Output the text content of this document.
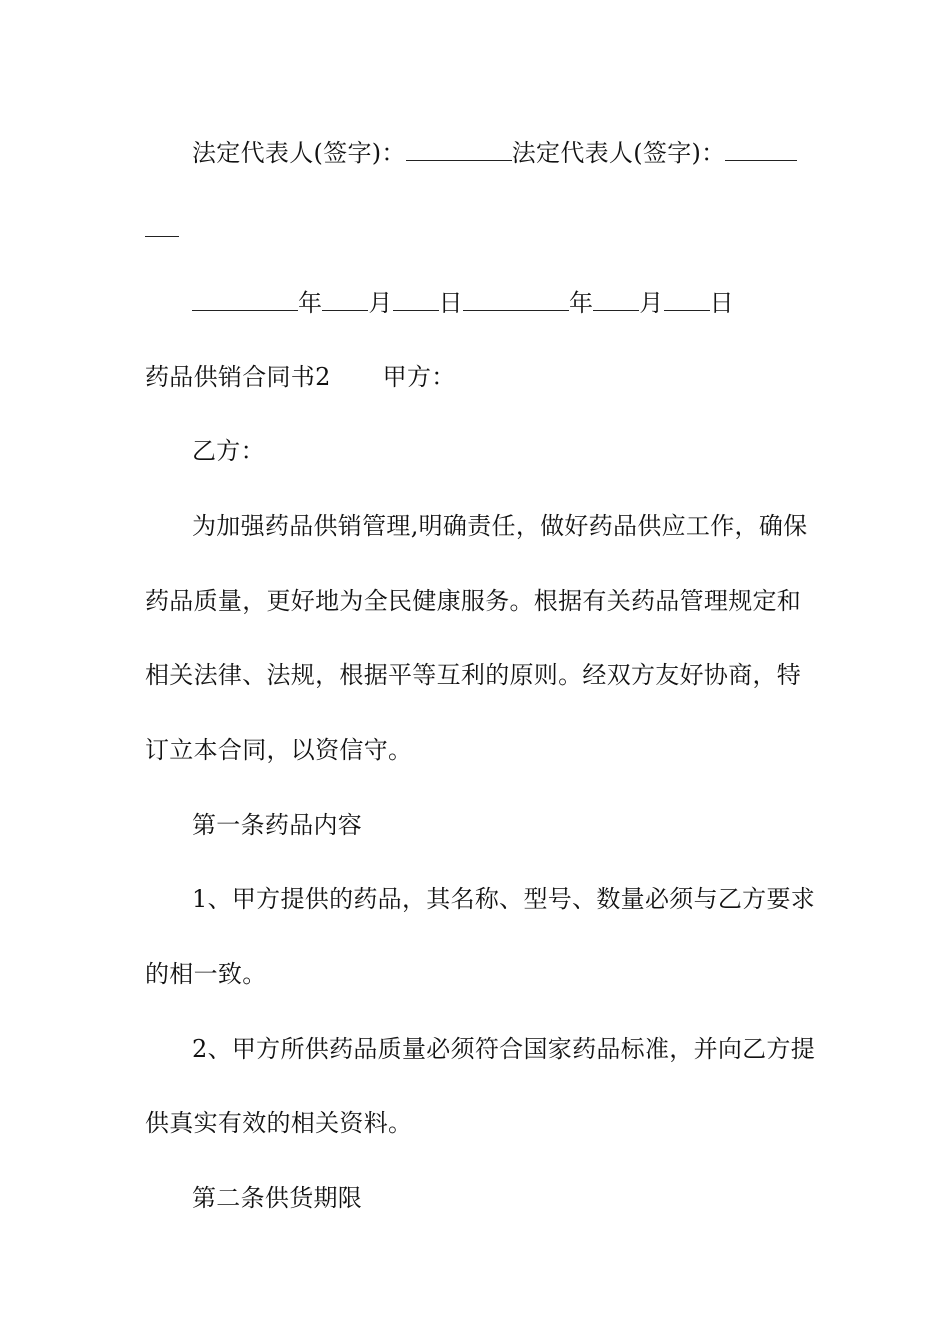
法定代表人(签字)：	法定代表人(签字)：
年 月 日	年 月 日
药品供销合同书2 甲方：
乙方：
为加强药品供销管理,明确责任，做好药品供应工作，确保
药品质量，更好地为全民健康服务。根据有关药品管理规定和
相关法律、法规，根据平等互利的原则。经双方友好协商，特
订立本合同，以资信守。
第一条药品内容
1、甲方提供的药品，其名称、型号、数量必须与乙方要求
的相一致。
2、甲方所供药品质量必须符合国家药品标准，并向乙方提
供真实有效的相关资料。
第二条供货期限
